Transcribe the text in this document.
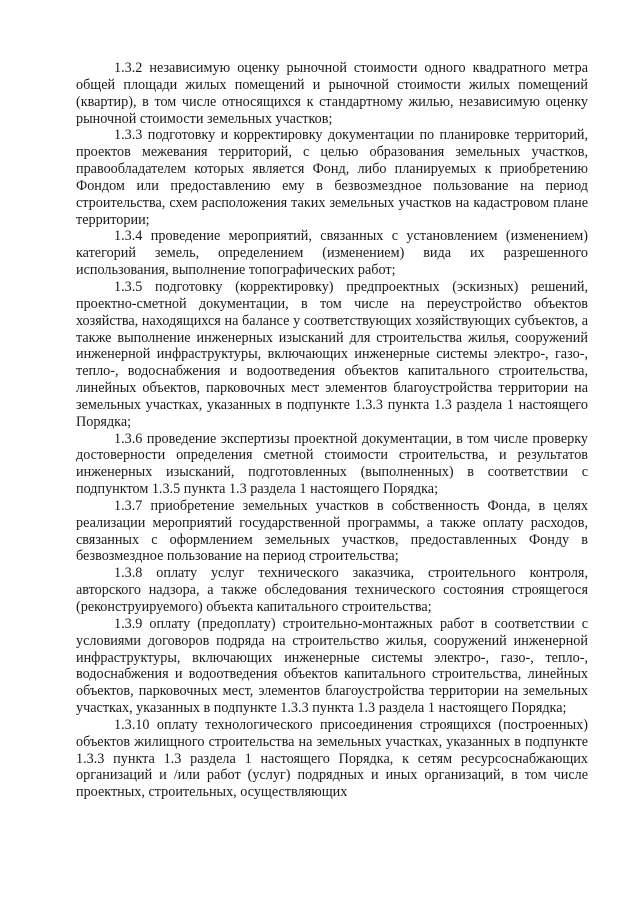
1.3.2 независимую оценку рыночной стоимости одного квадратного метра общей площади жилых помещений и рыночной стоимости жилых помещений (квартир), в том числе относящихся к стандартному жилью, независимую оценку рыночной стоимости земельных участков;

1.3.3 подготовку и корректировку документации по планировке территорий, проектов межевания территорий, с целью образования земельных участков, правообладателем которых является Фонд, либо планируемых к приобретению Фондом или предоставлению ему в безвозмездное пользование на период строительства, схем расположения таких земельных участков на кадастровом плане территории;

1.3.4 проведение мероприятий, связанных с установлением (изменением) категорий земель, определением (изменением) вида их разрешенного использования, выполнение топографических работ;

1.3.5 подготовку (корректировку) предпроектных (эскизных) решений, проектно-сметной документации, в том числе на переустройство объектов хозяйства, находящихся на балансе у соответствующих хозяйствующих субъектов, а также выполнение инженерных изысканий для строительства жилья, сооружений инженерной инфраструктуры, включающих инженерные системы электро-, газо-, тепло-, водоснабжения и водоотведения объектов капитального строительства, линейных объектов, парковочных мест элементов благоустройства территории на земельных участках, указанных в подпункте 1.3.3 пункта 1.3 раздела 1 настоящего Порядка;

1.3.6 проведение экспертизы проектной документации, в том числе проверку достоверности определения сметной стоимости строительства, и результатов инженерных изысканий, подготовленных (выполненных) в соответствии с подпунктом 1.3.5 пункта 1.3 раздела 1 настоящего Порядка;

1.3.7 приобретение земельных участков в собственность Фонда, в целях реализации мероприятий государственной программы, а также оплату расходов, связанных с оформлением земельных участков, предоставленных Фонду в безвозмездное пользование на период строительства;

1.3.8 оплату услуг технического заказчика, строительного контроля, авторского надзора, а также обследования технического состояния строящегося (реконструируемого) объекта капитального строительства;

1.3.9 оплату (предоплату) строительно-монтажных работ в соответствии с условиями договоров подряда на строительство жилья, сооружений инженерной инфраструктуры, включающих инженерные системы электро-, газо-, тепло-, водоснабжения и водоотведения объектов капитального строительства, линейных объектов, парковочных мест, элементов благоустройства территории на земельных участках, указанных в подпункте 1.3.3 пункта 1.3 раздела 1 настоящего Порядка;

1.3.10 оплату технологического присоединения строящихся (построенных) объектов жилищного строительства на земельных участках, указанных в подпункте 1.3.3 пункта 1.3 раздела 1 настоящего Порядка, к сетям ресурсоснабжающих организаций и /или работ (услуг) подрядных и иных организаций, в том числе проектных, строительных, осуществляющих
